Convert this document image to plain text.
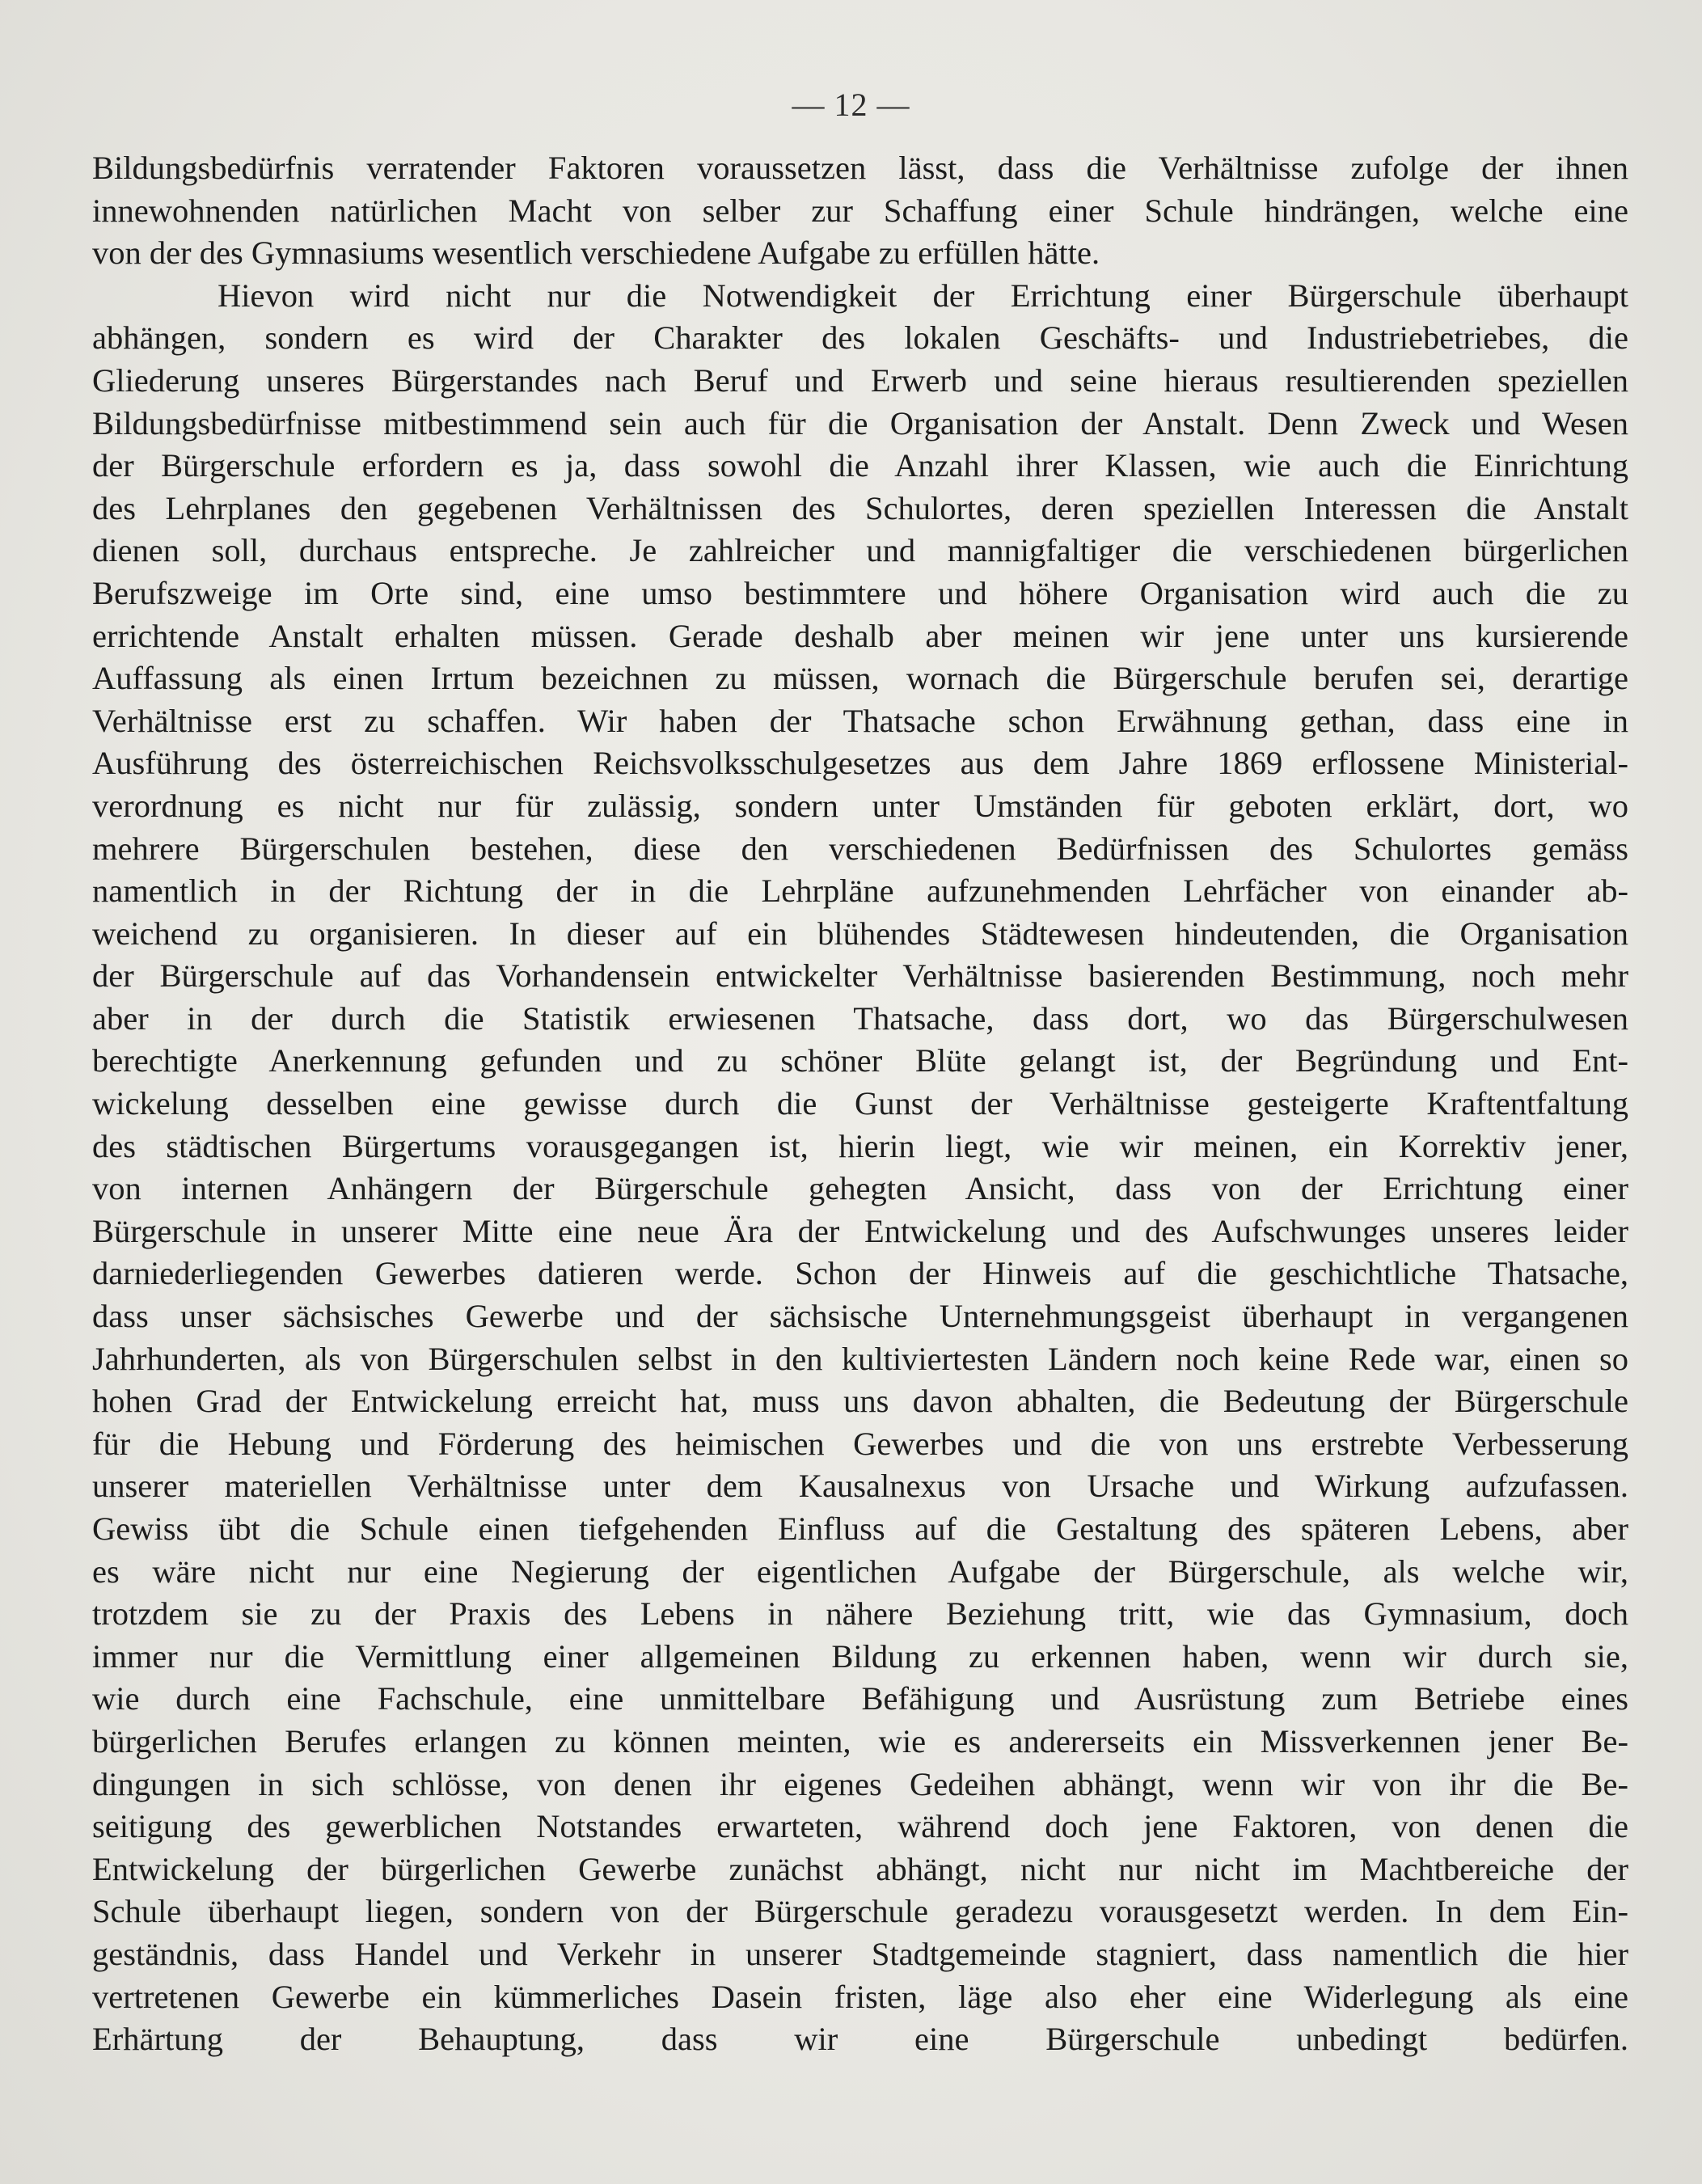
— 12 —
Bildungsbedürfnis verratender Faktoren voraussetzen lässt, dass die Verhältnisse zufolge der ihnen
innewohnenden natürlichen Macht von selber zur Schaffung einer Schule hindrängen, welche eine
von der des Gymnasiums wesentlich verschiedene Aufgabe zu erfüllen hätte.
Hievon wird nicht nur die Notwendigkeit der Errichtung einer Bürgerschule überhaupt
abhängen, sondern es wird der Charakter des lokalen Geschäfts- und Industriebetriebes, die
Gliederung unseres Bürgerstandes nach Beruf und Erwerb und seine hieraus resultierenden speziellen
Bildungsbedürfnisse mitbestimmend sein auch für die Organisation der Anstalt. Denn Zweck und Wesen
der Bürgerschule erfordern es ja, dass sowohl die Anzahl ihrer Klassen, wie auch die Einrichtung
des Lehrplanes den gegebenen Verhältnissen des Schulortes, deren speziellen Interessen die Anstalt
dienen soll, durchaus entspreche. Je zahlreicher und mannigfaltiger die verschiedenen bürgerlichen
Berufszweige im Orte sind, eine umso bestimmtere und höhere Organisation wird auch die zu
errichtende Anstalt erhalten müssen. Gerade deshalb aber meinen wir jene unter uns kursierende
Auffassung als einen Irrtum bezeichnen zu müssen, wornach die Bürgerschule berufen sei, derartige
Verhältnisse erst zu schaffen. Wir haben der Thatsache schon Erwähnung gethan, dass eine in
Ausführung des österreichischen Reichsvolksschulgesetzes aus dem Jahre 1869 erflossene Ministerial-
verordnung es nicht nur für zulässig, sondern unter Umständen für geboten erklärt, dort, wo
mehrere Bürgerschulen bestehen, diese den verschiedenen Bedürfnissen des Schulortes gemäss
namentlich in der Richtung der in die Lehrpläne aufzunehmenden Lehrfächer von einander ab-
weichend zu organisieren. In dieser auf ein blühendes Städtewesen hindeutenden, die Organisation
der Bürgerschule auf das Vorhandensein entwickelter Verhältnisse basierenden Bestimmung, noch mehr
aber in der durch die Statistik erwiesenen Thatsache, dass dort, wo das Bürgerschulwesen
berechtigte Anerkennung gefunden und zu schöner Blüte gelangt ist, der Begründung und Ent-
wickelung desselben eine gewisse durch die Gunst der Verhältnisse gesteigerte Kraftentfaltung
des städtischen Bürgertums vorausgegangen ist, hierin liegt, wie wir meinen, ein Korrektiv jener,
von internen Anhängern der Bürgerschule gehegten Ansicht, dass von der Errichtung einer
Bürgerschule in unserer Mitte eine neue Ära der Entwickelung und des Aufschwunges unseres leider
darniederliegenden Gewerbes datieren werde. Schon der Hinweis auf die geschichtliche Thatsache,
dass unser sächsisches Gewerbe und der sächsische Unternehmungsgeist überhaupt in vergangenen
Jahrhunderten, als von Bürgerschulen selbst in den kultiviertesten Ländern noch keine Rede war, einen so
hohen Grad der Entwickelung erreicht hat, muss uns davon abhalten, die Bedeutung der Bürgerschule
für die Hebung und Förderung des heimischen Gewerbes und die von uns erstrebte Verbesserung
unserer materiellen Verhältnisse unter dem Kausalnexus von Ursache und Wirkung aufzufassen.
Gewiss übt die Schule einen tiefgehenden Einfluss auf die Gestaltung des späteren Lebens, aber
es wäre nicht nur eine Negierung der eigentlichen Aufgabe der Bürgerschule, als welche wir,
trotzdem sie zu der Praxis des Lebens in nähere Beziehung tritt, wie das Gymnasium, doch
immer nur die Vermittlung einer allgemeinen Bildung zu erkennen haben, wenn wir durch sie,
wie durch eine Fachschule, eine unmittelbare Befähigung und Ausrüstung zum Betriebe eines
bürgerlichen Berufes erlangen zu können meinten, wie es andererseits ein Missverkennen jener Be-
dingungen in sich schlösse, von denen ihr eigenes Gedeihen abhängt, wenn wir von ihr die Be-
seitigung des gewerblichen Notstandes erwarteten, während doch jene Faktoren, von denen die
Entwickelung der bürgerlichen Gewerbe zunächst abhängt, nicht nur nicht im Machtbereiche der
Schule überhaupt liegen, sondern von der Bürgerschule geradezu vorausgesetzt werden. In dem Ein-
geständnis, dass Handel und Verkehr in unserer Stadtgemeinde stagniert, dass namentlich die hier
vertretenen Gewerbe ein kümmerliches Dasein fristen, läge also eher eine Widerlegung als eine
Erhärtung der Behauptung, dass wir eine Bürgerschule unbedingt bedürfen.
